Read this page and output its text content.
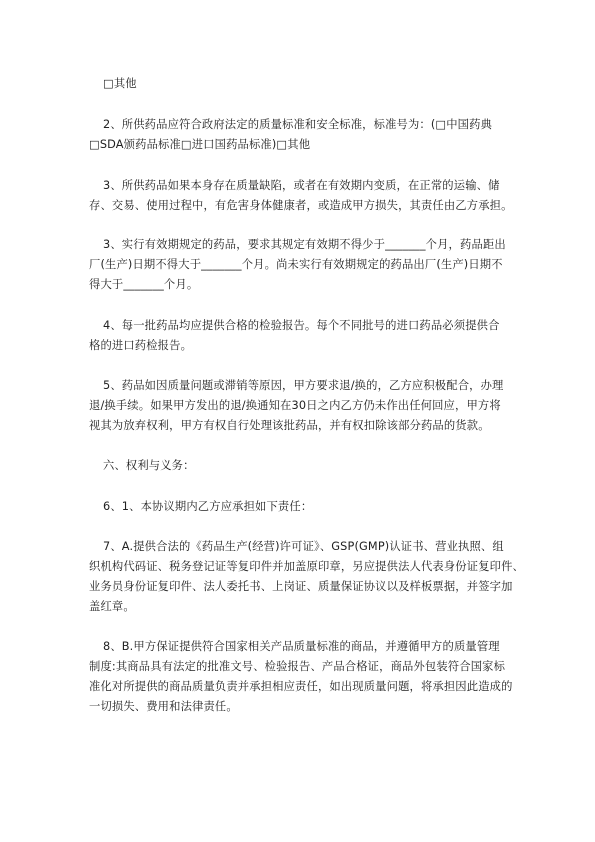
□其他
2、所供药品应符合政府法定的质量标准和安全标准，标准号为：(□中国药典
□SDA颁药品标准□进口国药品标准)□其他
3、所供药品如果本身存在质量缺陷，或者在有效期内变质，在正常的运输、储
存、交易、使用过程中，有危害身体健康者，或造成甲方损失，其责任由乙方承担。
3、实行有效期规定的药品，要求其规定有效期不得少于_______个月，药品距出
厂(生产)日期不得大于_______个月。尚未实行有效期规定的药品出厂(生产)日期不
得大于_______个月。
4、每一批药品均应提供合格的检验报告。每个不同批号的进口药品必须提供合
格的进口药检报告。
5、药品如因质量问题或滞销等原因，甲方要求退/换的，乙方应积极配合，办理
退/换手续。如果甲方发出的退/换通知在30日之内乙方仍未作出任何回应，甲方将
视其为放弃权利，甲方有权自行处理该批药品，并有权扣除该部分药品的货款。
六、权利与义务：
6、1、本协议期内乙方应承担如下责任：
7、A.提供合法的《药品生产(经营)许可证》、GSP(GMP)认证书、营业执照、组
织机构代码证、税务登记证等复印件并加盖原印章，另应提供法人代表身份证复印件、
业务员身份证复印件、法人委托书、上岗证、质量保证协议以及样板票据，并签字加
盖红章。
8、B.甲方保证提供符合国家相关产品质量标准的商品，并遵循甲方的质量管理
制度:其商品具有法定的批准文号、检验报告、产品合格证，商品外包装符合国家标
准化对所提供的商品质量负责并承担相应责任，如出现质量问题，将承担因此造成的
一切损失、费用和法律责任。
